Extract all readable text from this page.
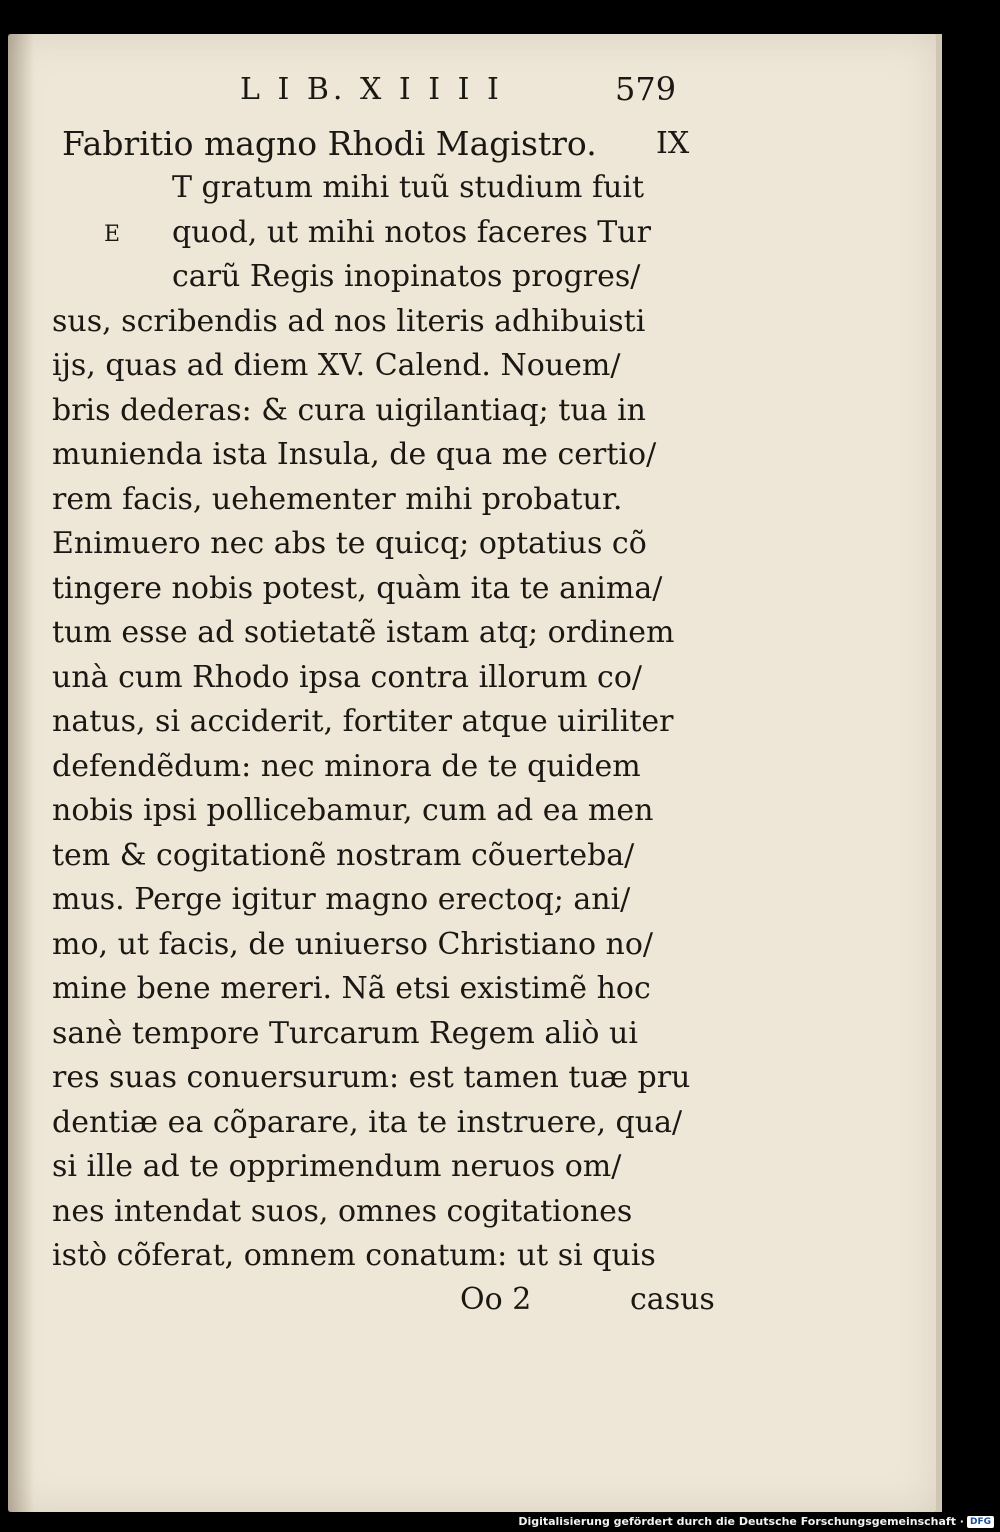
L I B. X I I I I	579
Fabritio magno Rhodi Magistro. IX
E
T gratum mihi tuũ studium fuit
quod, ut mihi notos faceres Tur
carũ Regis inopinatos progres/
sus, scribendis ad nos literis adhibuisti
ijs, quas ad diem XV. Calend. Nouem/
bris dederas: & cura uigilantiaq; tua in
munienda ista Insula, de qua me certio/
rem facis, uehementer mihi probatur.
Enimuero nec abs te quicq; optatius cõ
tingere nobis potest, quàm ita te anima/
tum esse ad sotietatẽ istam atq; ordinem
unà cum Rhodo ipsa contra illorum co/
natus, si acciderit, fortiter atque uiriliter
defendẽdum: nec minora de te quidem
nobis ipsi pollicebamur, cum ad ea men
tem & cogitationẽ nostram cõuerteba/
mus. Perge igitur magno erectoq; ani/
mo, ut facis, de uniuerso Christiano no/
mine bene mereri. Nã etsi existimẽ hoc
sanè tempore Turcarum Regem aliò ui
res suas conuersurum: est tamen tuæ pru
dentiæ ea cõparare, ita te instruere, qua/
si ille ad te opprimendum neruos om/
nes intendat suos, omnes cogitationes
istò cõferat, omnem conatum: ut si quis
Oo 2	casus
Digitalisierung gefördert durch die Deutsche Forschungsgemeinschaft · DFG
